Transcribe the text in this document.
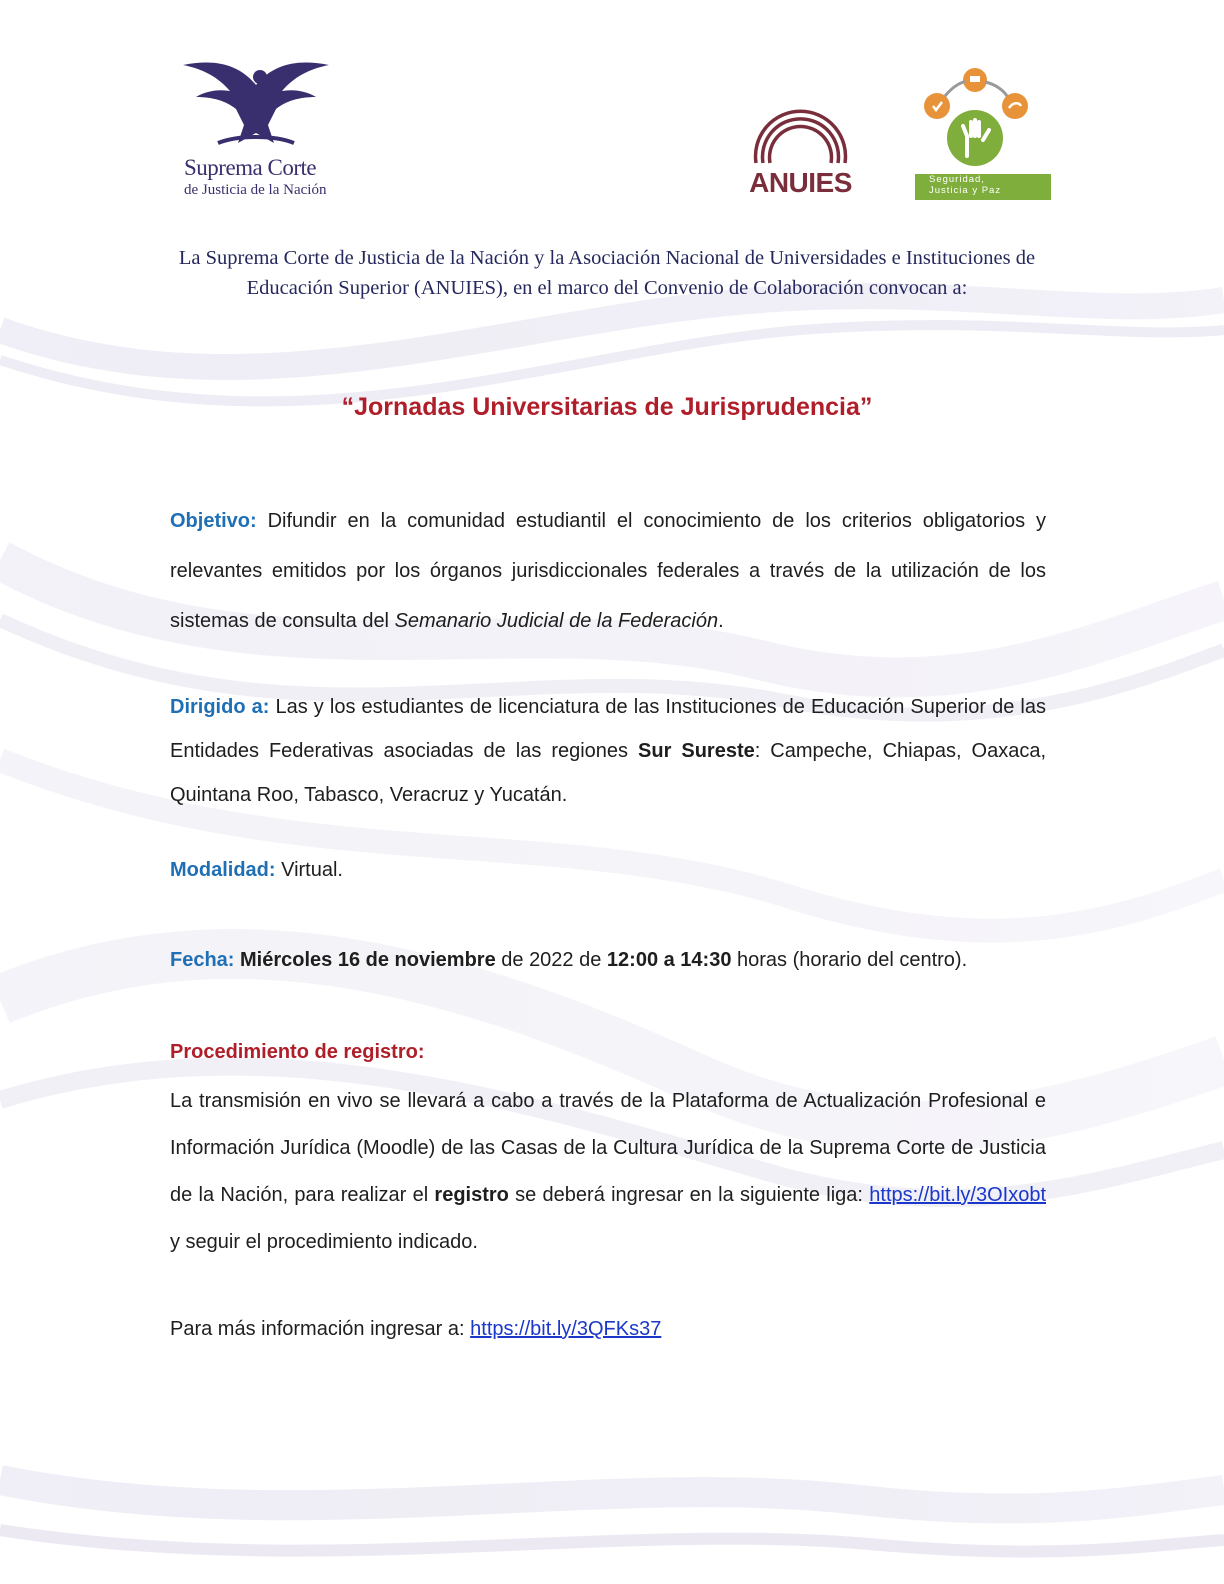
Suprema Corte
de Justicia de la Nación	ANUIES	Seguridad,
Justicia y Paz
La Suprema Corte de Justicia de la Nación y la Asociación Nacional de Universidades e Instituciones de Educación Superior (ANUIES), en el marco del Convenio de Colaboración convocan a:
“Jornadas Universitarias de Jurisprudencia”
Objetivo: Difundir en la comunidad estudiantil el conocimiento de los criterios obligatorios y relevantes emitidos por los órganos jurisdiccionales federales a través de la utilización de los sistemas de consulta del Semanario Judicial de la Federación.
Dirigido a: Las y los estudiantes de licenciatura de las Instituciones de Educación Superior de las Entidades Federativas asociadas de las regiones Sur Sureste: Campeche, Chiapas, Oaxaca, Quintana Roo, Tabasco, Veracruz y Yucatán.
Modalidad: Virtual.
Fecha: Miércoles 16 de noviembre de 2022 de 12:00 a 14:30 horas (horario del centro).
Procedimiento de registro:
La transmisión en vivo se llevará a cabo a través de la Plataforma de Actualización Profesional e Información Jurídica (Moodle) de las Casas de la Cultura Jurídica de la Suprema Corte de Justicia de la Nación, para realizar el registro se deberá ingresar en la siguiente liga: https://bit.ly/3OIxobt y seguir el procedimiento indicado.
Para más información ingresar a: https://bit.ly/3QFKs37
